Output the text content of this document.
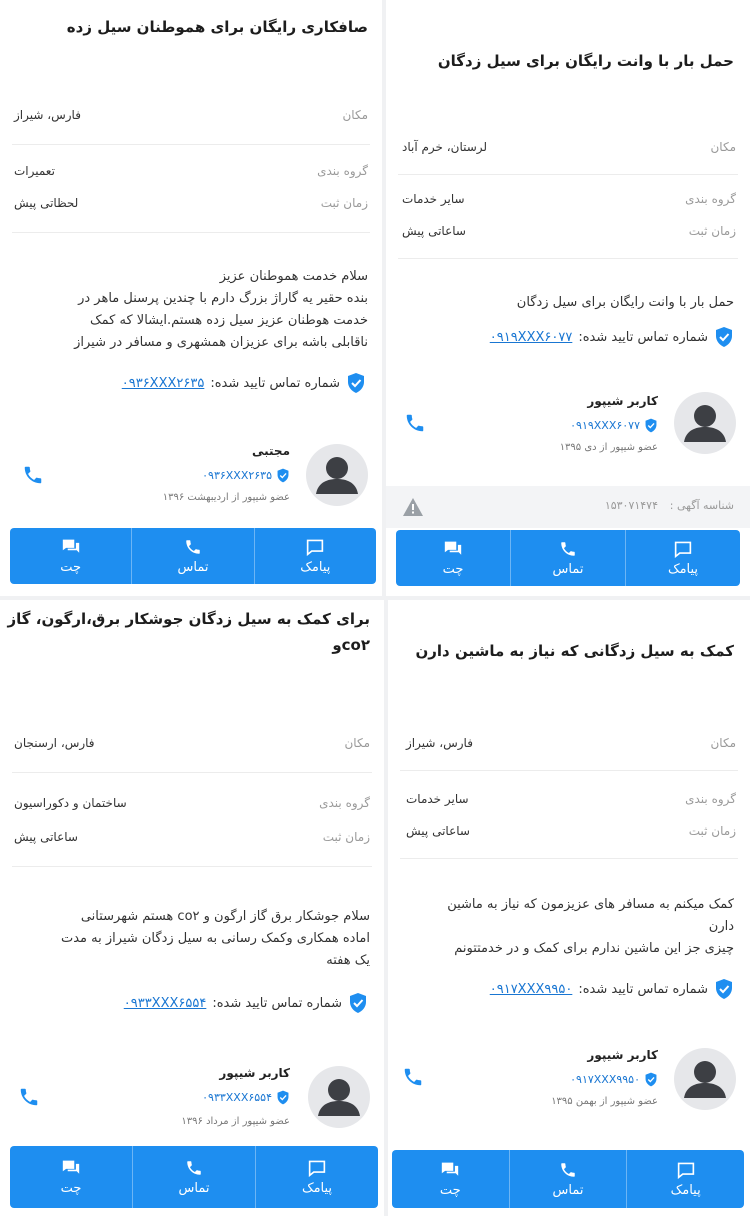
صافکاری رایگان برای هموطنان سیل زده
مکان
فارس، شیراز
گروه بندی
تعمیرات
زمان ثبت
لحظاتی پیش
سلام خدمت هموطنان عزیز
بنده حقیر یه گاراژ بزرگ دارم با چندین پرسنل ماهر در
خدمت هوطنان عزیز سیل زده هستم.ایشالا که کمک
ناقابلی باشه برای عزیزان همشهری و مسافر در شیراز
شماره تماس تایید شده:
۰۹۳۶XXX۲۶۳۵
مجتبی
۰۹۳۶XXX۲۶۳۵
عضو شیپور از اردیبهشت ۱۳۹۶
پیامک
تماس
چت
حمل بار با وانت رایگان برای سیل زدگان
مکان
لرستان، خرم آباد
گروه بندی
سایر خدمات
زمان ثبت
ساعاتی پیش
حمل بار با وانت رایگان برای سیل زدگان
شماره تماس تایید شده:
۰۹۱۹XXX۶۰۷۷
کاربر شیپور
۰۹۱۹XXX۶۰۷۷
عضو شیپور از دی ۱۳۹۵
شناسه آگهی :
۱۵۳۰۷۱۴۷۴
پیامک
تماس
چت
برای کمک به سیل زدگان جوشکار برق،ارگون، گاز
co۲و
مکان
فارس، ارسنجان
گروه بندی
ساختمان و دکوراسیون
زمان ثبت
ساعاتی پیش
سلام جوشکار برق گاز ارگون و co۲ هستم شهرستانی
اماده همکاری وکمک رسانی به سیل زدگان شیراز به مدت
یک هفته
شماره تماس تایید شده:
۰۹۳۳XXX۶۵۵۴
کاربر شیپور
۰۹۳۳XXX۶۵۵۴
عضو شیپور از مرداد ۱۳۹۶
پیامک
تماس
چت
کمک به سیل زدگانی که نیاز به ماشین دارن
مکان
فارس، شیراز
گروه بندی
سایر خدمات
زمان ثبت
ساعاتی پیش
کمک میکنم به مسافر های عزیزمون که نیاز به ماشین
دارن
چیزی جز این ماشین ندارم برای کمک و در خدمتتونم
شماره تماس تایید شده:
۰۹۱۷XXX۹۹۵۰
کاربر شیپور
۰۹۱۷XXX۹۹۵۰
عضو شیپور از بهمن ۱۳۹۵
پیامک
تماس
چت
